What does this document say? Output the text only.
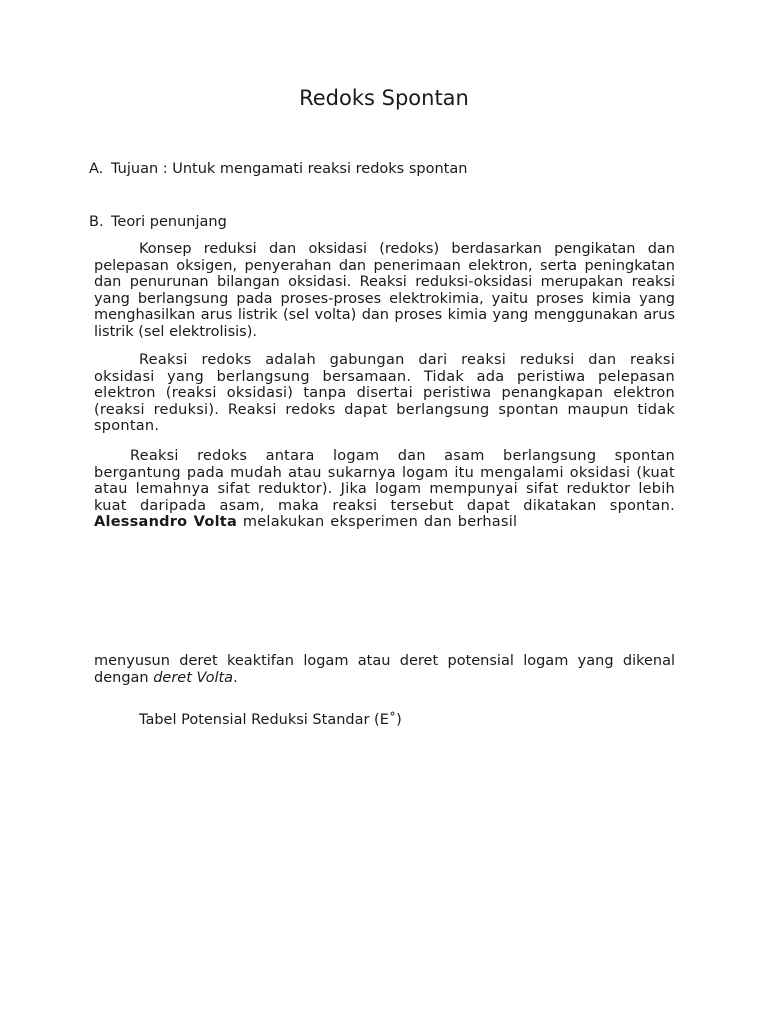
Redoks Spontan
A. Tujuan : Untuk mengamati reaksi redoks spontan
B. Teori penunjang

Konsep reduksi dan oksidasi (redoks) berdasarkan pengikatan dan pelepasan oksigen, penyerahan dan penerimaan elektron, serta peningkatan dan penurunan bilangan oksidasi. Reaksi reduksi-oksidasi merupakan reaksi yang berlangsung pada proses-proses elektrokimia, yaitu proses kimia yang menghasilkan arus listrik (sel volta) dan proses kimia yang menggunakan arus listrik (sel elektrolisis).

Reaksi redoks adalah gabungan dari reaksi reduksi dan reaksi oksidasi yang berlangsung bersamaan. Tidak ada peristiwa pelepasan elektron (reaksi oksidasi) tanpa disertai peristiwa penangkapan elektron (reaksi reduksi). Reaksi redoks dapat berlangsung spontan maupun tidak spontan.

Reaksi redoks antara logam dan asam berlangsung spontan bergantung pada mudah atau sukarnya logam itu mengalami oksidasi (kuat atau lemahnya sifat reduktor). Jika logam mempunyai sifat reduktor lebih kuat daripada asam, maka reaksi tersebut dapat dikatakan spontan. Alessandro Volta melakukan eksperimen dan berhasil

menyusun deret keaktifan logam atau deret potensial logam yang dikenal dengan deret Volta.

Tabel Potensial Reduksi Standar (E˚)
